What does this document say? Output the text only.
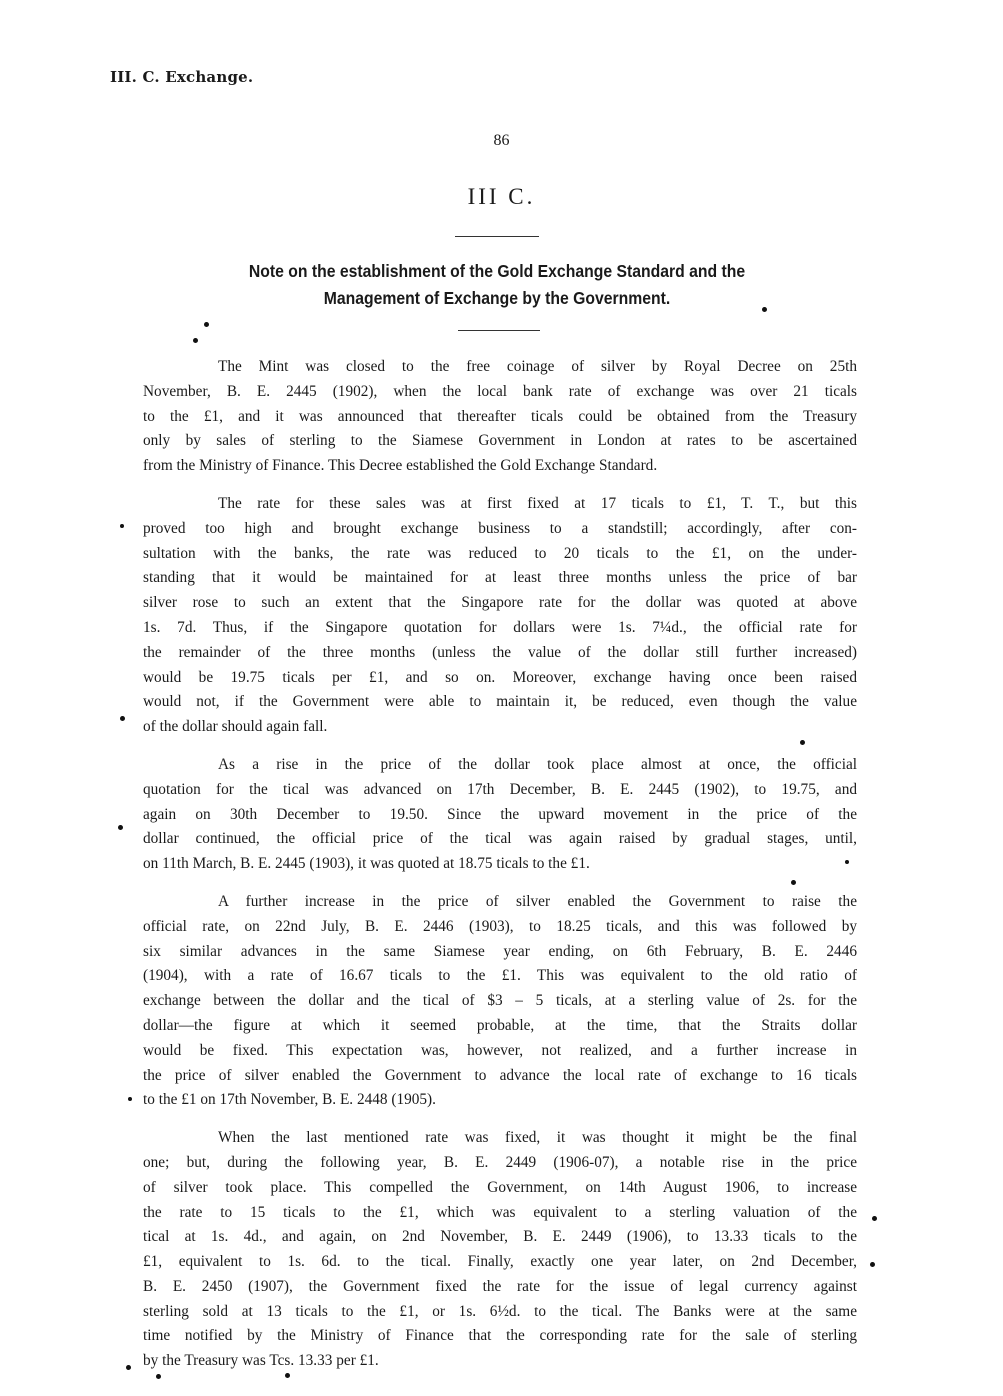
III. C. Exchange.
86
III C.
Note on the establishment of the Gold Exchange Standard and the
Management of Exchange by the Government.
The Mint was closed to the free coinage of silver by Royal Decree on 25th
November, B. E. 2445 (1902), when the local bank rate of exchange was over 21 ticals
to the £1, and it was announced that thereafter ticals could be obtained from the Treasury
only by sales of sterling to the Siamese Government in London at rates to be ascertained
from the Ministry of Finance. This Decree established the Gold Exchange Standard.
The rate for these sales was at first fixed at 17 ticals to £1, T. T., but this
proved too high and brought exchange business to a standstill; accordingly, after con-
sultation with the banks, the rate was reduced to 20 ticals to the £1, on the under-
standing that it would be maintained for at least three months unless the price of bar
silver rose to such an extent that the Singapore rate for the dollar was quoted at above
1s. 7d. Thus, if the Singapore quotation for dollars were 1s. 7¼d., the official rate for
the remainder of the three months (unless the value of the dollar still further increased)
would be 19.75 ticals per £1, and so on. Moreover, exchange having once been raised
would not, if the Government were able to maintain it, be reduced, even though the value
of the dollar should again fall.
As a rise in the price of the dollar took place almost at once, the official
quotation for the tical was advanced on 17th December, B. E. 2445 (1902), to 19.75, and
again on 30th December to 19.50. Since the upward movement in the price of the
dollar continued, the official price of the tical was again raised by gradual stages, until,
on 11th March, B. E. 2445 (1903), it was quoted at 18.75 ticals to the £1.
A further increase in the price of silver enabled the Government to raise the
official rate, on 22nd July, B. E. 2446 (1903), to 18.25 ticals, and this was followed by
six similar advances in the same Siamese year ending, on 6th February, B. E. 2446
(1904), with a rate of 16.67 ticals to the £1. This was equivalent to the old ratio of
exchange between the dollar and the tical of $3 – 5 ticals, at a sterling value of 2s. for the
dollar—the figure at which it seemed probable, at the time, that the Straits dollar
would be fixed. This expectation was, however, not realized, and a further increase in
the price of silver enabled the Government to advance the local rate of exchange to 16 ticals
to the £1 on 17th November, B. E. 2448 (1905).
When the last mentioned rate was fixed, it was thought it might be the final
one; but, during the following year, B. E. 2449 (1906-07), a notable rise in the price
of silver took place. This compelled the Government, on 14th August 1906, to increase
the rate to 15 ticals to the £1, which was equivalent to a sterling valuation of the
tical at 1s. 4d., and again, on 2nd November, B. E. 2449 (1906), to 13.33 ticals to the
£1, equivalent to 1s. 6d. to the tical. Finally, exactly one year later, on 2nd December,
B. E. 2450 (1907), the Government fixed the rate for the issue of legal currency against
sterling sold at 13 ticals to the £1, or 1s. 6½d. to the tical. The Banks were at the same
time notified by the Ministry of Finance that the corresponding rate for the sale of sterling
by the Treasury was Tcs. 13.33 per £1.
